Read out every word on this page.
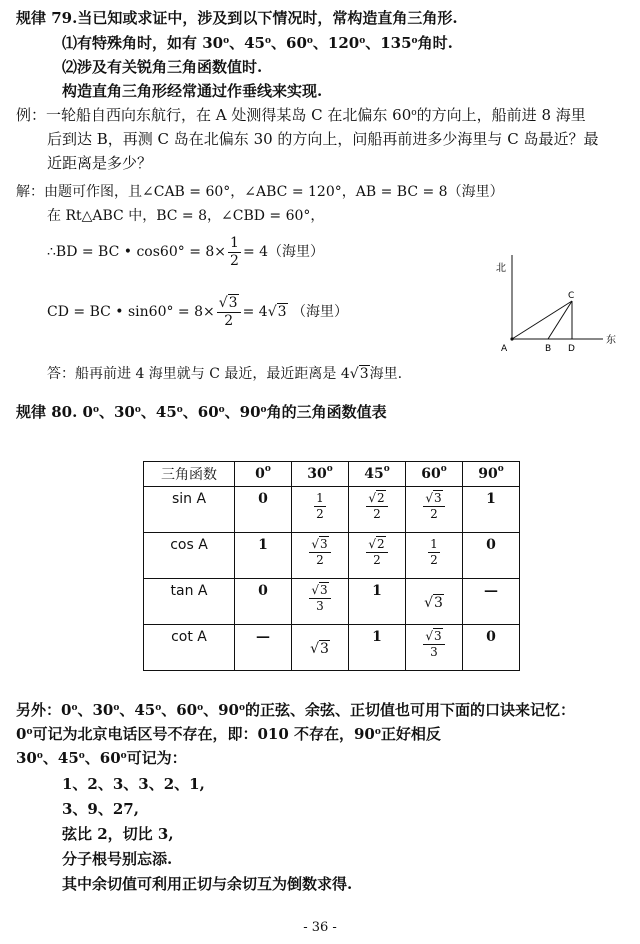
规律 79.当已知或求证中，涉及到以下情况时，常构造直角三角形.
⑴有特殊角时，如有 30$^o$、45$^o$、60$^o$、120$^o$、135$^o$角时.
⑵涉及有关锐角三角函数值时.
构造直角三角形经常通过作垂线来实现.
例：一轮船自西向东航行，在 A 处测得某岛 C 在北偏东 60$^o$的方向上，船前进 8 海里
后到达 B，再测 C 岛在北偏东 30 的方向上，问船再前进多少海里与 C 岛最近？最
近距离是多少？
解：由题可作图，且∠CAB = 60°，∠ABC = 120°，AB = BC = 8（海里）
在 Rt△ABC 中，BC = 8，∠CBD = 60°，
∴BD = BC • $\cos 60^\circ = 8\times \frac{1}{2} = 4$（海里）
CD = BC • $\sin 60^\circ = 8\times \frac{√3}{2} = 4√3$ （海里）
答：船再前进 4 海里就与 C 最近，最近距离是 4√3海里.
北
东
A	B
C
D
规律 80. 0$^o$、30$^o$、45$^o$、60$^o$、90$^o$角的三角函数值表
三角函数	0$^o$	30$^o$	45$^o$	60$^o$	90$^o$
sin A	0	$\frac{1}{2}$	$\frac{√2}{2}$	$\frac{√3}{2}$	1
cos A	1	$\frac{√3}{2}$	$\frac{√2}{2}$	$\frac{1}{2}$	0
tan A	0	$\frac{√3}{3}$	1	√3	—
cot A	—	√3	1	$\frac{√3}{3}$	0
另外：0$^o$、30$^o$、45$^o$、60$^o$、90$^o$的正弦、余弦、正切值也可用下面的口诀来记忆：
0$^o$可记为北京电话区号不存在，即：010 不存在，90$^o$正好相反
30$^o$、45$^o$、60$^o$可记为：
1、2、3、3、2、1,
3、9、27,
弦比 2，切比 3,
分子根号别忘添.
其中余切值可利用正切与余切互为倒数求得.
- 36 -
